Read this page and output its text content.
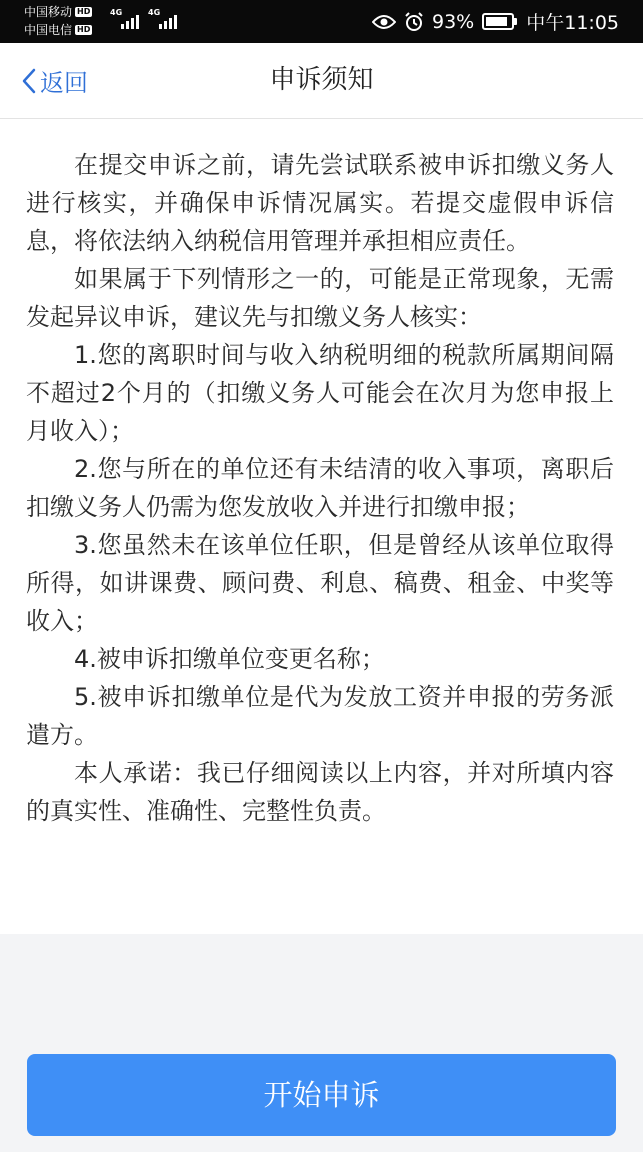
中国移动 HD
中国电信 HD
4G	4G	93%	中午11:05
返回	申诉须知

在提交申诉之前，请先尝试联系被申诉扣缴义务人进行核实，并确保申诉情况属实。若提交虚假申诉信息，将依法纳入纳税信用管理并承担相应责任。

如果属于下列情形之一的，可能是正常现象，无需发起异议申诉，建议先与扣缴义务人核实：

1.您的离职时间与收入纳税明细的税款所属期间隔不超过2个月的（扣缴义务人可能会在次月为您申报上月收入）；

2.您与所在的单位还有未结清的收入事项，离职后扣缴义务人仍需为您发放收入并进行扣缴申报；

3.您虽然未在该单位任职，但是曾经从该单位取得所得，如讲课费、顾问费、利息、稿费、租金、中奖等收入；

4.被申诉扣缴单位变更名称；

5.被申诉扣缴单位是代为发放工资并申报的劳务派遣方。

本人承诺：我已仔细阅读以上内容，并对所填内容的真实性、准确性、完整性负责。

开始申诉
